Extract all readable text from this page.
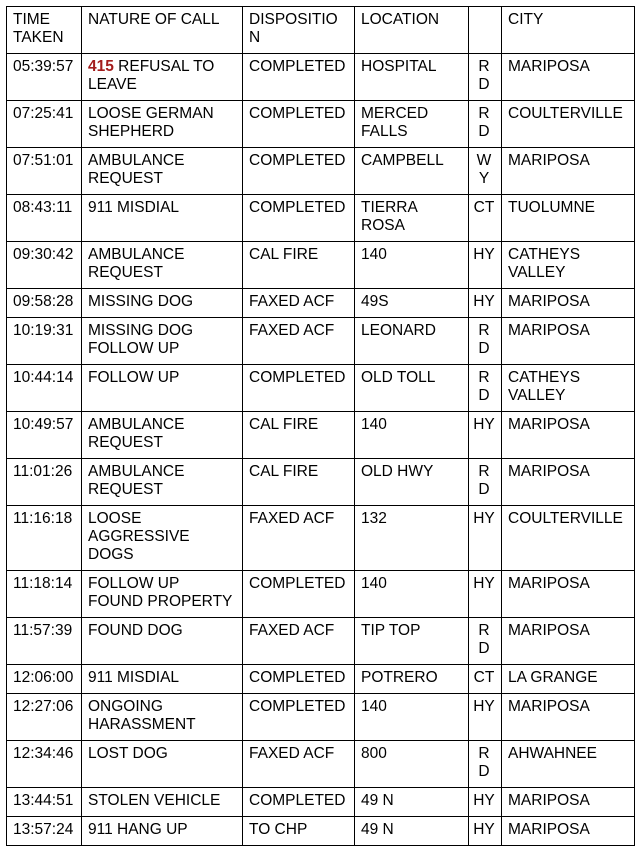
TIME TAKEN	NATURE OF CALL	DISPOSITION	LOCATION		CITY
05:39:57	415 REFUSAL TO LEAVE	COMPLETED	HOSPITAL	RD	MARIPOSA
07:25:41	LOOSE GERMAN SHEPHERD	COMPLETED	MERCED FALLS	RD	COULTERVILLE
07:51:01	AMBULANCE REQUEST	COMPLETED	CAMPBELL	WY	MARIPOSA
08:43:11	911 MISDIAL	COMPLETED	TIERRA ROSA	CT	TUOLUMNE
09:30:42	AMBULANCE REQUEST	CAL FIRE	140	HY	CATHEYS VALLEY
09:58:28	MISSING DOG	FAXED ACF	49S	HY	MARIPOSA
10:19:31	MISSING DOG FOLLOW UP	FAXED ACF	LEONARD	RD	MARIPOSA
10:44:14	FOLLOW UP	COMPLETED	OLD TOLL	RD	CATHEYS VALLEY
10:49:57	AMBULANCE REQUEST	CAL FIRE	140	HY	MARIPOSA
11:01:26	AMBULANCE REQUEST	CAL FIRE	OLD HWY	RD	MARIPOSA
11:16:18	LOOSE AGGRESSIVE DOGS	FAXED ACF	132	HY	COULTERVILLE
11:18:14	FOLLOW UP FOUND PROPERTY	COMPLETED	140	HY	MARIPOSA
11:57:39	FOUND DOG	FAXED ACF	TIP TOP	RD	MARIPOSA
12:06:00	911 MISDIAL	COMPLETED	POTRERO	CT	LA GRANGE
12:27:06	ONGOING HARASSMENT	COMPLETED	140	HY	MARIPOSA
12:34:46	LOST DOG	FAXED ACF	800	RD	AHWAHNEE
13:44:51	STOLEN VEHICLE	COMPLETED	49 N	HY	MARIPOSA
13:57:24	911 HANG UP	TO CHP	49 N	HY	MARIPOSA
